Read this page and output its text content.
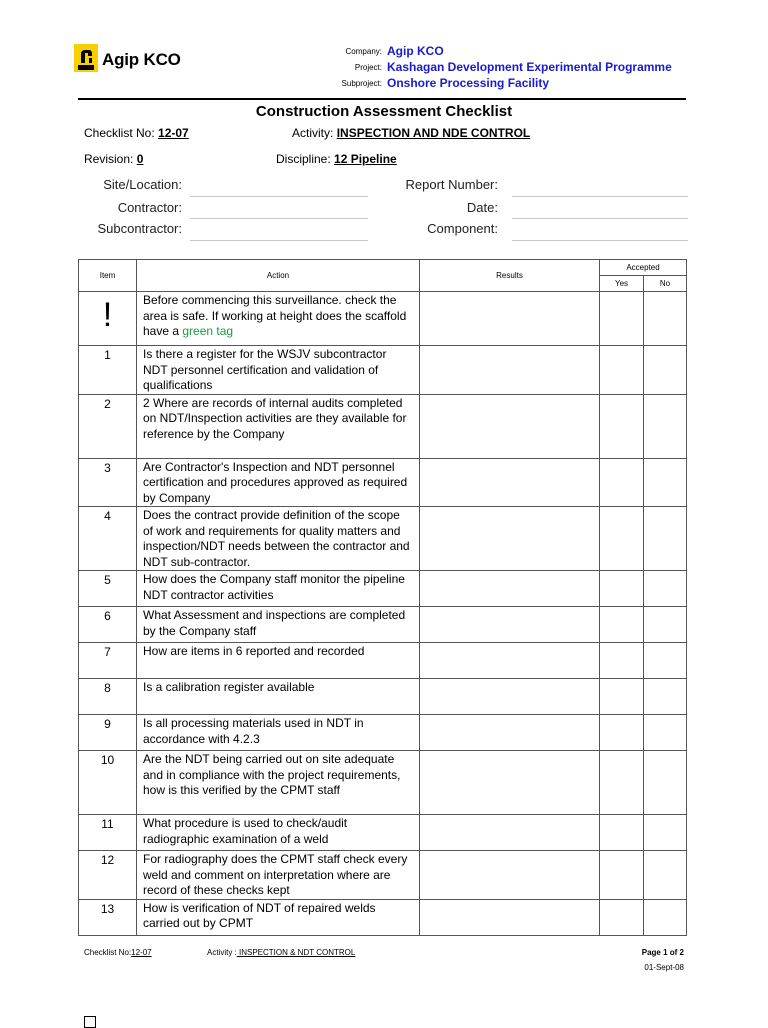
Agip KCO	Company: Agip KCO
Project: Kashagan Development Experimental Programme
Subproject: Onshore Processing Facility
Construction Assessment Checklist
Checklist No: 12-07	Activity: INSPECTION AND NDE CONTROL
Revision: 0	Discipline: 12 Pipeline
Site/Location:
Contractor:
Subcontractor:
Report Number:
Date:
Component:
Item	Action	Results	Accepted	
			Yes	No
!	Before commencing this surveillance. check the area is safe. If working at height does the scaffold have a green tag			
1	Is there a register for the WSJV subcontractor NDT personnel certification and validation of qualifications			
2	2 Where are records of internal audits completed on NDT/Inspection activities are they available for reference by the Company			
3	Are Contractor's Inspection and NDT personnel certification and procedures approved as required by Company			
4	Does the contract provide definition of the scope of work and requirements for quality matters and inspection/NDT needs between the contractor and NDT sub-contractor.			
5	How does the Company staff monitor the pipeline NDT contractor activities			
6	What Assessment and inspections are completed by the Company staff			
7	How are items in 6 reported and recorded			
8	Is a calibration register available			
9	Is all processing materials used in NDT in accordance with 4.2.3			
10	Are the NDT being carried out on site adequate and in compliance with the project requirements, how is this verified by the CPMT staff			
11	What procedure is used to check/audit radiographic examination of a weld			
12	For radiography does the CPMT staff check every weld and comment on interpretation where are record of these checks kept			
13	How is verification of NDT of repaired welds carried out by CPMT			
Checklist No:12-07	Activity : INSPECTION & NDT CONTROL	Page 1 of 2
01-Sept-08
